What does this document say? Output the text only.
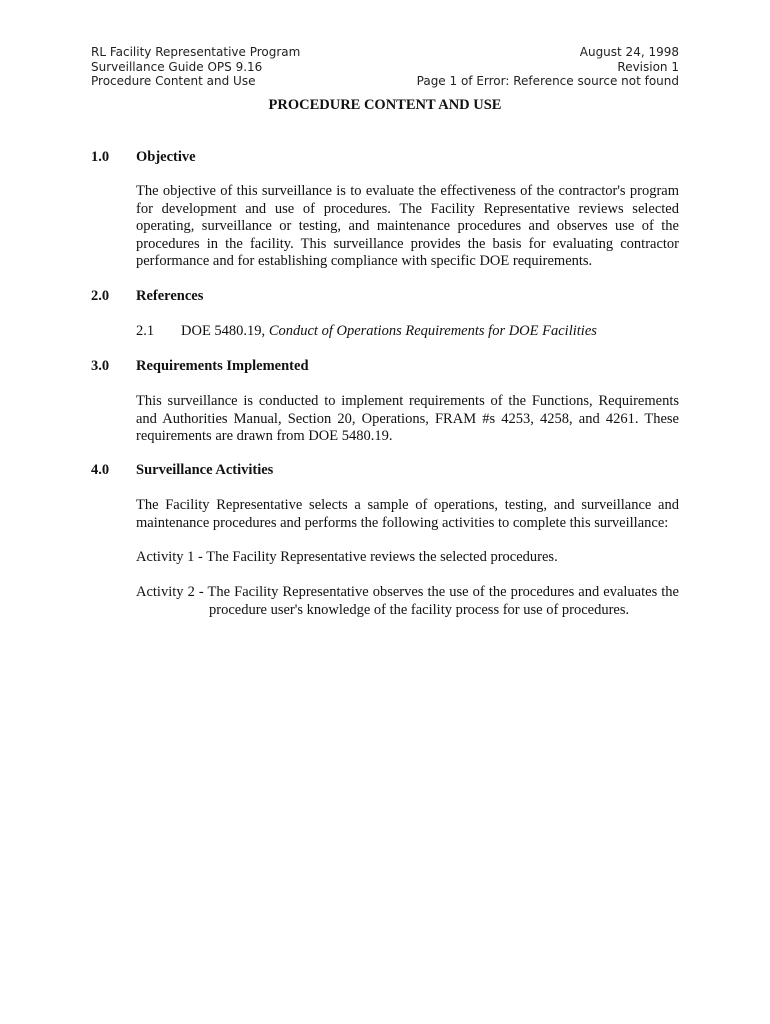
RL Facility Representative Program	August 24, 1998
Surveillance Guide OPS 9.16	Revision 1
Procedure Content and Use	Page 1 of Error: Reference source not found
PROCEDURE CONTENT AND USE
1.0 Objective
The objective of this surveillance is to evaluate the effectiveness of the contractor's program for development and use of procedures. The Facility Representative reviews selected operating, surveillance or testing, and maintenance procedures and observes use of the procedures in the facility. This surveillance provides the basis for evaluating contractor performance and for establishing compliance with specific DOE requirements.
2.0 References
2.1 DOE 5480.19, Conduct of Operations Requirements for DOE Facilities
3.0 Requirements Implemented
This surveillance is conducted to implement requirements of the Functions, Requirements and Authorities Manual, Section 20, Operations, FRAM #s 4253, 4258, and 4261. These requirements are drawn from DOE 5480.19.
4.0 Surveillance Activities
The Facility Representative selects a sample of operations, testing, and surveillance and maintenance procedures and performs the following activities to complete this surveillance:
Activity 1 - The Facility Representative reviews the selected procedures.
Activity 2 - The Facility Representative observes the use of the procedures and evaluates the
procedure user's knowledge of the facility process for use of procedures.
